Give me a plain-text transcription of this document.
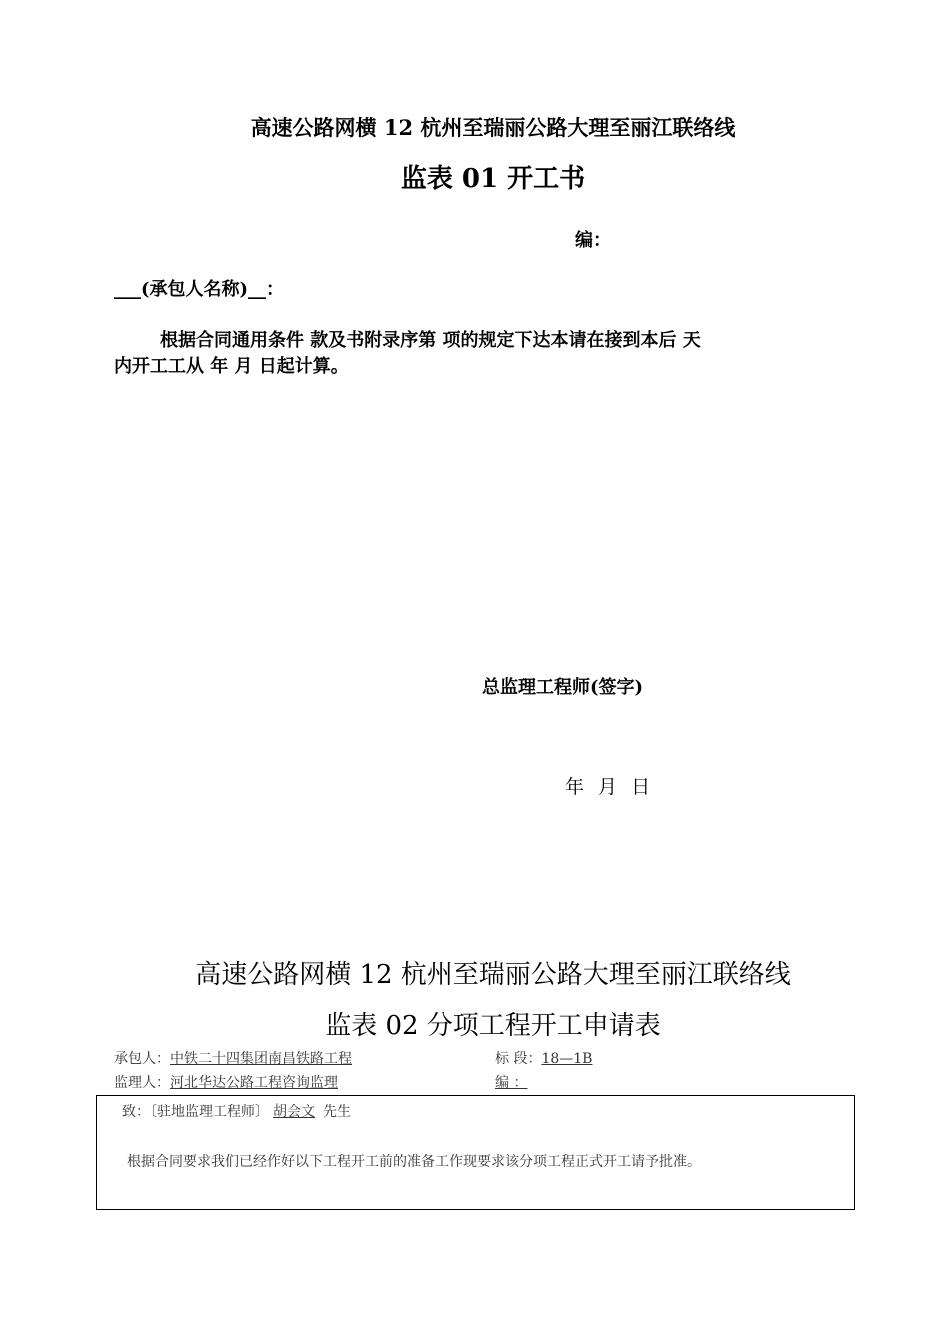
高速公路网横 12 杭州至瑞丽公路大理至丽江联络线
监表 01 开工书
编：
___(承包人名称)__：
根据合同通用条件 款及书附录序第 项的规定下达本请在接到本后 天
内开工工从 年 月 日起计算。
总监理工程师(签字)
年 月 日
高速公路网横 12 杭州至瑞丽公路大理至丽江联络线
监表 02 分项工程开工申请表
承包人：中铁二十四集团南昌铁路工程	标 段：18—1B
监理人：河北华达公路工程咨询监理	编 ：
致：〔驻地监理工程师〕 胡会文 先生
根据合同要求我们已经作好以下工程开工前的准备工作现要求该分项工程正式开工请予批准。
